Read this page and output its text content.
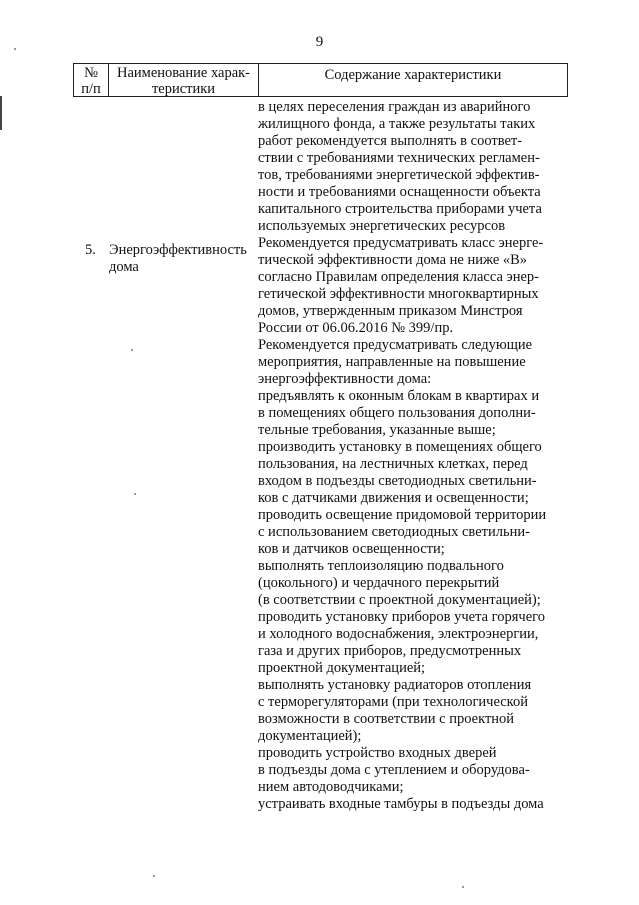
9
№
п/п
Наименование харак-
теристики
Содержание характеристики
5. Энергоэффективность
дома

в целях переселения граждан из аварийного
жилищного фонда, а также результаты таких
работ рекомендуется выполнять в соответ-
ствии с требованиями технических регламен-
тов, требованиями энергетической эффектив-
ности и требованиями оснащенности объекта
капитального строительства приборами учета
используемых энергетических ресурсов

Рекомендуется предусматривать класс энерге-
тической эффективности дома не ниже «В»
согласно Правилам определения класса энер-
гетической эффективности многоквартирных
домов, утвержденным приказом Минстроя
России от 06.06.2016 № 399/пр.

Рекомендуется предусматривать следующие
мероприятия, направленные на повышение
энергоэффективности дома:

предъявлять к оконным блокам в квартирах и
в помещениях общего пользования дополни-
тельные требования, указанные выше;

производить установку в помещениях общего
пользования, на лестничных клетках, перед
входом в подъезды светодиодных светильни-
ков с датчиками движения и освещенности;

проводить освещение придомовой территории
с использованием светодиодных светильни-
ков и датчиков освещенности;

выполнять теплоизоляцию подвального
(цокольного) и чердачного перекрытий
(в соответствии с проектной документацией);

проводить установку приборов учета горячего
и холодного водоснабжения, электроэнергии,
газа и других приборов, предусмотренных
проектной документацией;

выполнять установку радиаторов отопления
с терморегуляторами (при технологической
возможности в соответствии с проектной
документацией);

проводить устройство входных дверей
в подъезды дома с утеплением и оборудова-
нием автодоводчиками;

устраивать входные тамбуры в подъезды дома
